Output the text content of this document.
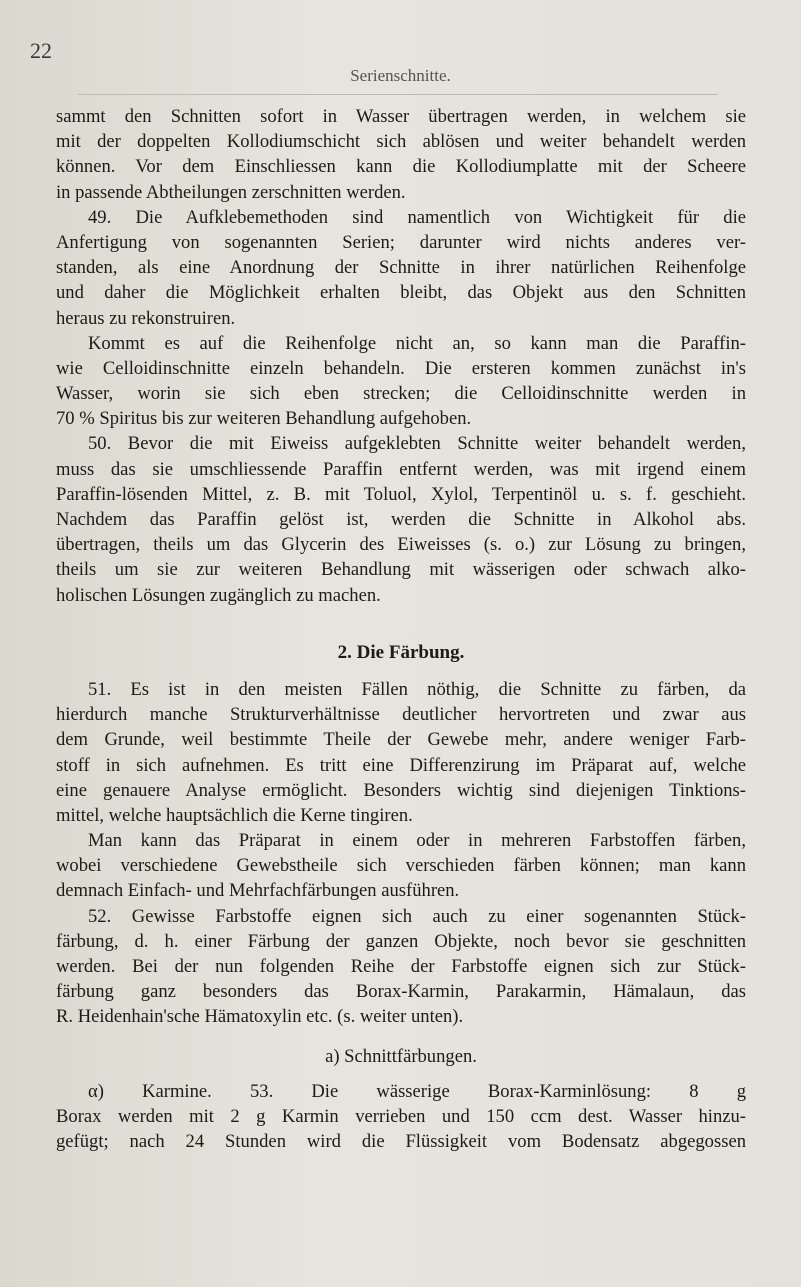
22
Serienschnitte.
sammt den Schnitten sofort in Wasser übertragen werden, in welchem sie
mit der doppelten Kollodiumschicht sich ablösen und weiter behandelt werden
können. Vor dem Einschliessen kann die Kollodiumplatte mit der Scheere
in passende Abtheilungen zerschnitten werden.
49. Die Aufklebemethoden sind namentlich von Wichtigkeit für die
Anfertigung von sogenannten Serien; darunter wird nichts anderes ver-
standen, als eine Anordnung der Schnitte in ihrer natürlichen Reihenfolge
und daher die Möglichkeit erhalten bleibt, das Objekt aus den Schnitten
heraus zu rekonstruiren.
Kommt es auf die Reihenfolge nicht an, so kann man die Paraffin-
wie Celloidinschnitte einzeln behandeln. Die ersteren kommen zunächst in's
Wasser, worin sie sich eben strecken; die Celloidinschnitte werden in
70 % Spiritus bis zur weiteren Behandlung aufgehoben.
50. Bevor die mit Eiweiss aufgeklebten Schnitte weiter behandelt werden,
muss das sie umschliessende Paraffin entfernt werden, was mit irgend einem
Paraffin-lösenden Mittel, z. B. mit Toluol, Xylol, Terpentinöl u. s. f. geschieht.
Nachdem das Paraffin gelöst ist, werden die Schnitte in Alkohol abs.
übertragen, theils um das Glycerin des Eiweisses (s. o.) zur Lösung zu bringen,
theils um sie zur weiteren Behandlung mit wässerigen oder schwach alko-
holischen Lösungen zugänglich zu machen.
2. Die Färbung.
51. Es ist in den meisten Fällen nöthig, die Schnitte zu färben, da
hierdurch manche Strukturverhältnisse deutlicher hervortreten und zwar aus
dem Grunde, weil bestimmte Theile der Gewebe mehr, andere weniger Farb-
stoff in sich aufnehmen. Es tritt eine Differenzirung im Präparat auf, welche
eine genauere Analyse ermöglicht. Besonders wichtig sind diejenigen Tinktions-
mittel, welche hauptsächlich die Kerne tingiren.
Man kann das Präparat in einem oder in mehreren Farbstoffen färben,
wobei verschiedene Gewebstheile sich verschieden färben können; man kann
demnach Einfach- und Mehrfachfärbungen ausführen.
52. Gewisse Farbstoffe eignen sich auch zu einer sogenannten Stück-
färbung, d. h. einer Färbung der ganzen Objekte, noch bevor sie geschnitten
werden. Bei der nun folgenden Reihe der Farbstoffe eignen sich zur Stück-
färbung ganz besonders das Borax-Karmin, Parakarmin, Hämalaun, das
R. Heidenhain'sche Hämatoxylin etc. (s. weiter unten).
a) Schnittfärbungen.
α) Karmine. 53. Die wässerige Borax-Karminlösung: 8 g
Borax werden mit 2 g Karmin verrieben und 150 ccm dest. Wasser hinzu-
gefügt; nach 24 Stunden wird die Flüssigkeit vom Bodensatz abgegossen
